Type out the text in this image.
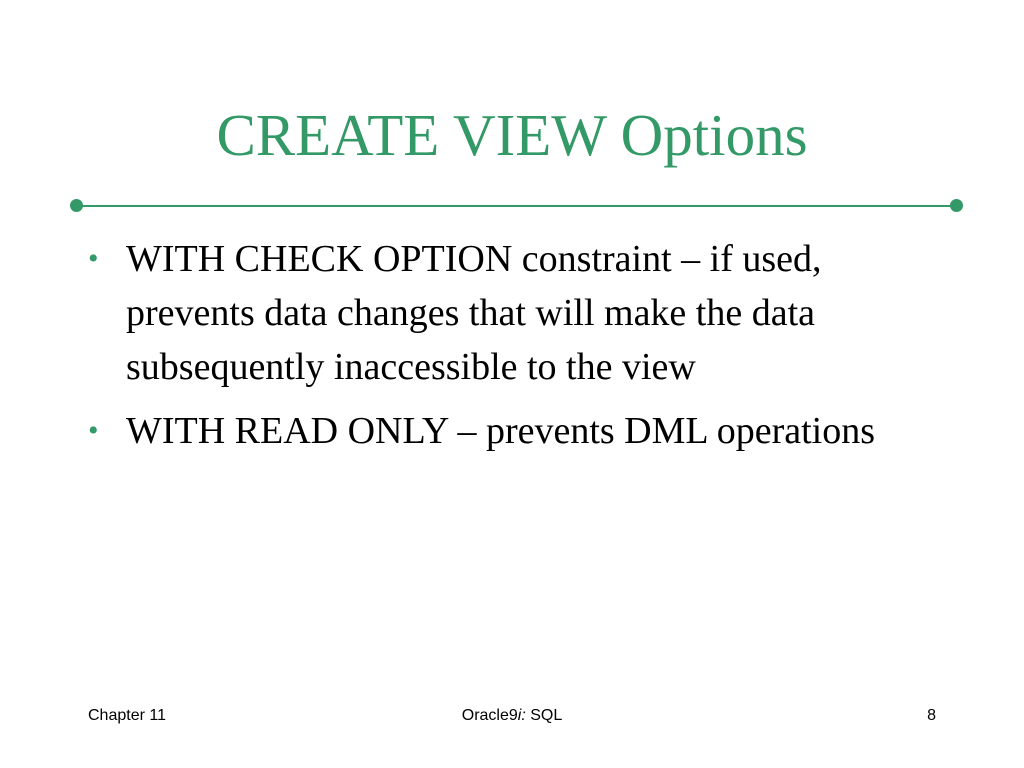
CREATE VIEW Options
• WITH CHECK OPTION constraint – if used, prevents data changes that will make the data subsequently inaccessible to the view
• WITH READ ONLY – prevents DML operations
Chapter 11	Oracle9i: SQL	8
